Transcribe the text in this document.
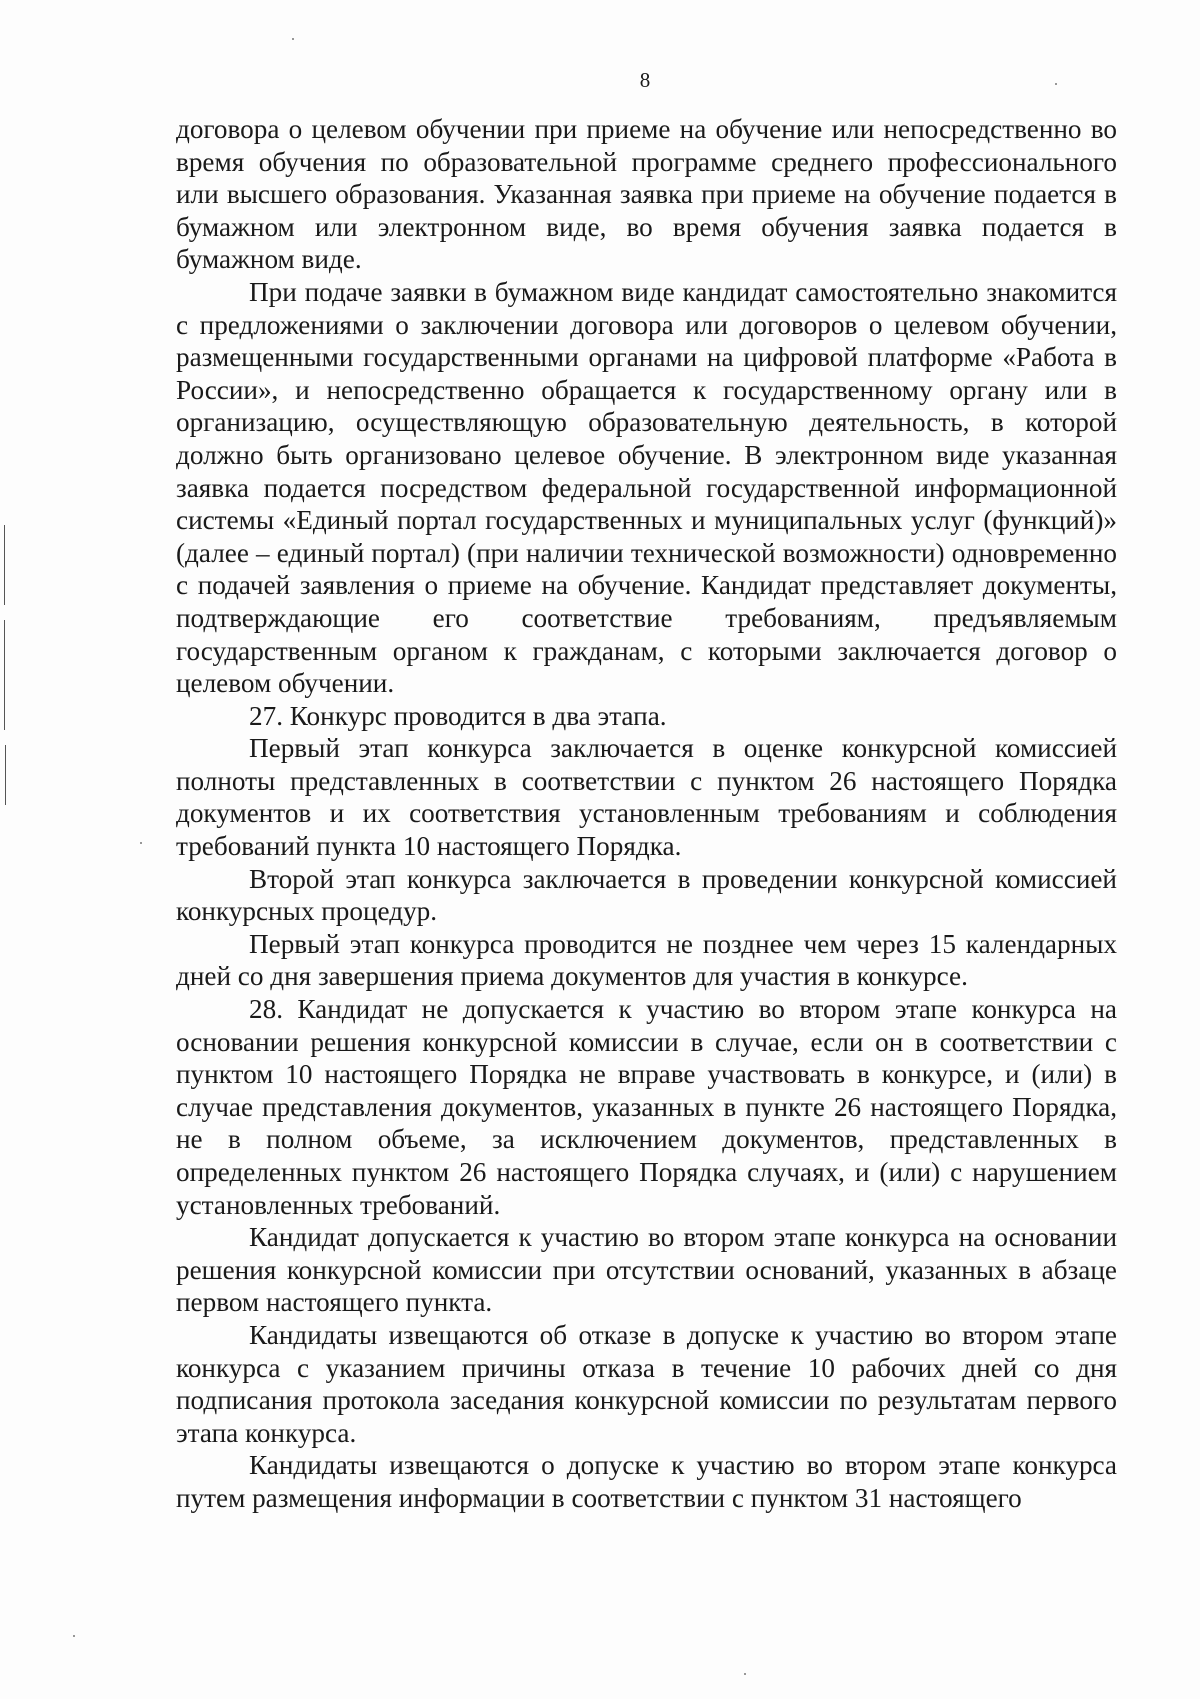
8

договора о целевом обучении при приеме на обучение или непосредственно во время обучения по образовательной программе среднего профессионального или высшего образования. Указанная заявка при приеме на обучение подается в бумажном или электронном виде, во время обучения заявка подается в бумажном виде.

При подаче заявки в бумажном виде кандидат самостоятельно знакомится с предложениями о заключении договора или договоров о целевом обучении, размещенными государственными органами на цифровой платформе «Работа в России», и непосредственно обращается к государственному органу или в организацию, осуществляющую образовательную деятельность, в которой должно быть организовано целевое обучение. В электронном виде указанная заявка подается посредством федеральной государственной информационной системы «Единый портал государственных и муниципальных услуг (функций)» (далее – единый портал) (при наличии технической возможности) одновременно с подачей заявления о приеме на обучение. Кандидат представляет документы, подтверждающие его соответствие требованиям, предъявляемым государственным органом к гражданам, с которыми заключается договор о целевом обучении.

27. Конкурс проводится в два этапа.

Первый этап конкурса заключается в оценке конкурсной комиссией полноты представленных в соответствии с пунктом 26 настоящего Порядка документов и их соответствия установленным требованиям и соблюдения требований пункта 10 настоящего Порядка.

Второй этап конкурса заключается в проведении конкурсной комиссией конкурсных процедур.

Первый этап конкурса проводится не позднее чем через 15 календарных дней со дня завершения приема документов для участия в конкурсе.

28. Кандидат не допускается к участию во втором этапе конкурса на основании решения конкурсной комиссии в случае, если он в соответствии с пунктом 10 настоящего Порядка не вправе участвовать в конкурсе, и (или) в случае представления документов, указанных в пункте 26 настоящего Порядка, не в полном объеме, за исключением документов, представленных в определенных пунктом 26 настоящего Порядка случаях, и (или) с нарушением установленных требований.

Кандидат допускается к участию во втором этапе конкурса на основании решения конкурсной комиссии при отсутствии оснований, указанных в абзаце первом настоящего пункта.

Кандидаты извещаются об отказе в допуске к участию во втором этапе конкурса с указанием причины отказа в течение 10 рабочих дней со дня подписания протокола заседания конкурсной комиссии по результатам первого этапа конкурса.

Кандидаты извещаются о допуске к участию во втором этапе конкурса путем размещения информации в соответствии с пунктом 31 настоящего
